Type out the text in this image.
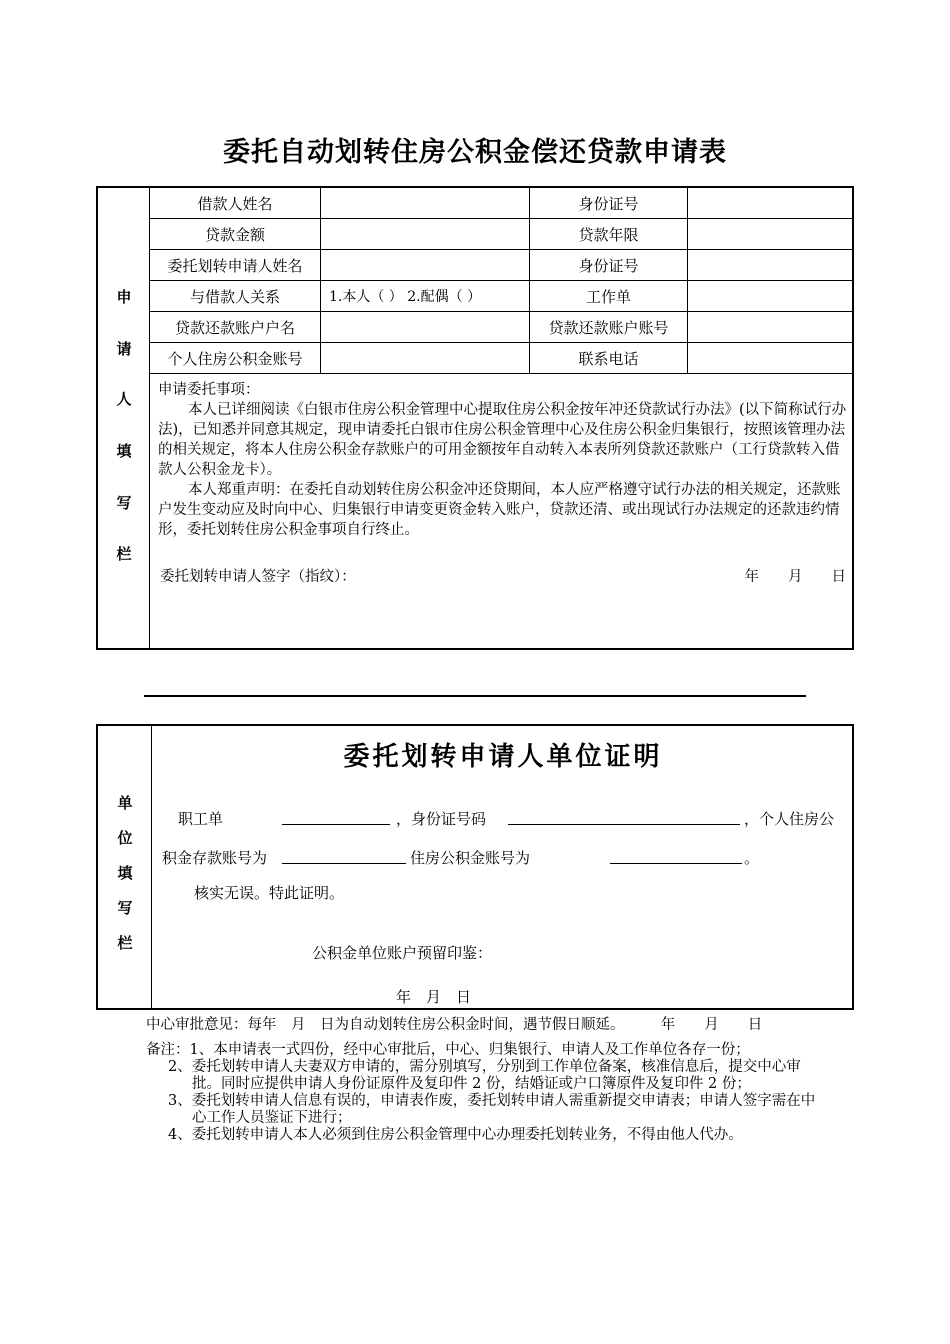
委托自动划转住房公积金偿还贷款申请表
申
请
人
填
写
栏
借款人姓名		身份证号	
贷款金额		贷款年限	
委托划转申请人姓名		身份证号	
与借款人关系	1.本人（ ） 2.配偶（ ）	工作单	
贷款还款账户户名		贷款还款账户账号	
个人住房公积金账号		联系电话	

申请委托事项：

本人已详细阅读《白银市住房公积金管理中心提取住房公积金按年冲还贷款试行办法》(以下简称试行办法)，已知悉并同意其规定，现申请委托白银市住房公积金管理中心及住房公积金归集银行，按照该管理办法的相关规定，将本人住房公积金存款账户的可用金额按年自动转入本表所列贷款还款账户（工行贷款转入借款人公积金龙卡）。

本人郑重声明：在委托自动划转住房公积金冲还贷期间，本人应严格遵守试行办法的相关规定，还款账户发生变动应及时向中心、归集银行申请变更资金转入账户，贷款还清、或出现试行办法规定的还款违约情形，委托划转住房公积金事项自行终止。

委托划转申请人签字（指纹）：	年　　月　　日
单
位
填
写
栏
委托划转申请人单位证明
职工单	，身份证号码	，个人住房公
积金存款账号为	住房公积金账号为	。
核实无误。特此证明。
公积金单位账户预留印鉴：
年　月　日

中心审批意见：每年　月　日为自动划转住房公积金时间，遇节假日顺延。　　　年　　月　　日

备注：1、本申请表一式四份，经中心审批后，中心、归集银行、申请人及工作单位各存一份；

2、委托划转申请人夫妻双方申请的，需分别填写，分别到工作单位备案，核准信息后，提交中心审批。同时应提供申请人身份证原件及复印件 2 份，结婚证或户口簿原件及复印件 2 份；

3、委托划转申请人信息有误的，申请表作废，委托划转申请人需重新提交申请表；申请人签字需在中心工作人员鉴证下进行；

4、委托划转申请人本人必须到住房公积金管理中心办理委托划转业务，不得由他人代办。
